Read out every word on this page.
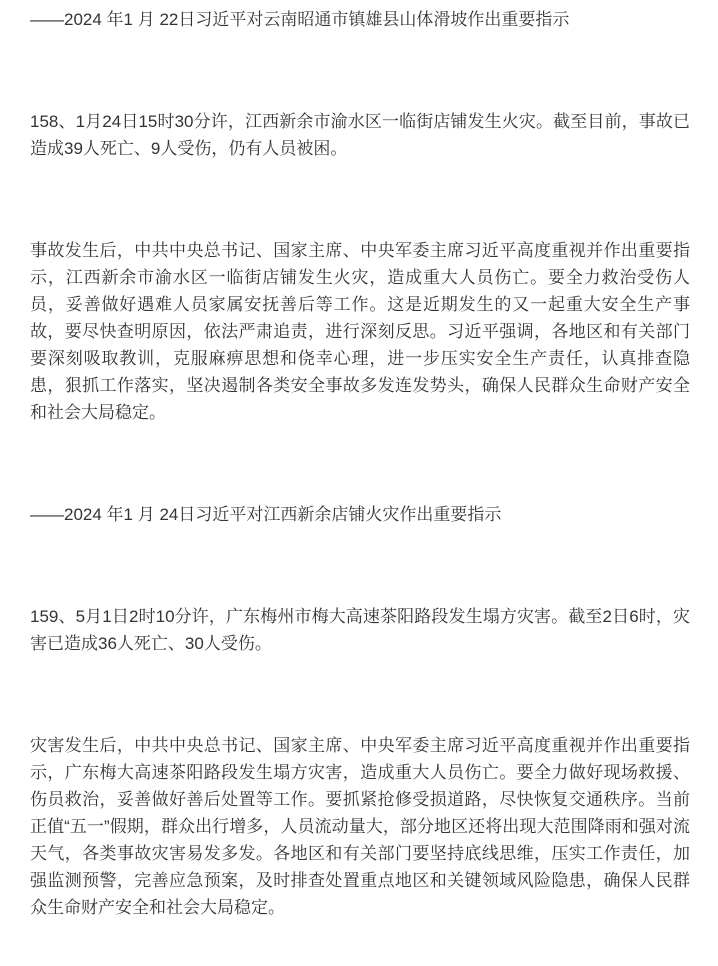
——2024 年1 月 22日习近平对云南昭通市镇雄县山体滑坡作出重要指示

158、1月24日15时30分许，江西新余市渝水区一临街店铺发生火灾。截至目前，事故已造成39人死亡、9人受伤，仍有人员被困。

事故发生后，中共中央总书记、国家主席、中央军委主席习近平高度重视并作出重要指示，江西新余市渝水区一临街店铺发生火灾，造成重大人员伤亡。要全力救治受伤人员，妥善做好遇难人员家属安抚善后等工作。这是近期发生的又一起重大安全生产事故，要尽快查明原因，依法严肃追责，进行深刻反思。习近平强调，各地区和有关部门要深刻吸取教训，克服麻痹思想和侥幸心理，进一步压实安全生产责任，认真排查隐患，狠抓工作落实，坚决遏制各类安全事故多发连发势头，确保人民群众生命财产安全和社会大局稳定。

——2024 年1 月 24日习近平对江西新余店铺火灾作出重要指示

159、5月1日2时10分许，广东梅州市梅大高速茶阳路段发生塌方灾害。截至2日6时，灾害已造成36人死亡、30人受伤。

灾害发生后，中共中央总书记、国家主席、中央军委主席习近平高度重视并作出重要指示，广东梅大高速茶阳路段发生塌方灾害，造成重大人员伤亡。要全力做好现场救援、伤员救治，妥善做好善后处置等工作。要抓紧抢修受损道路，尽快恢复交通秩序。当前正值“五一”假期，群众出行增多，人员流动量大，部分地区还将出现大范围降雨和强对流天气，各类事故灾害易发多发。各地区和有关部门要坚持底线思维，压实工作责任，加强监测预警，完善应急预案，及时排查处置重点地区和关键领域风险隐患，确保人民群众生命财产安全和社会大局稳定。
